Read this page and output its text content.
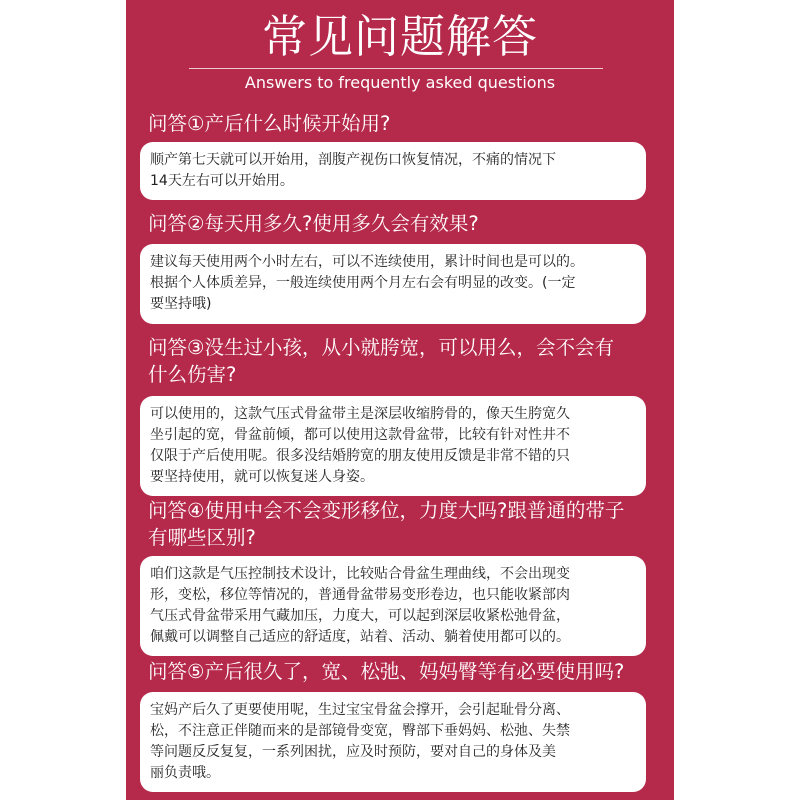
常见问题解答
Answers to frequently asked questions
问答①产后什么时候开始用?
顺产第七天就可以开始用，剖腹产视伤口恢复情况，不痛的情况下
14天左右可以开始用。
问答②每天用多久?使用多久会有效果?
建议每天使用两个小时左右，可以不连续使用，累计时间也是可以的。
根据个人体质差异，一般连续使用两个月左右会有明显的改变。(一定
要坚持哦)
问答③没生过小孩，从小就胯宽，可以用么，会不会有
什么伤害?
可以使用的，这款气压式骨盆带主是深层收缩胯骨的，像天生胯宽久
坐引起的宽，骨盆前倾，都可以使用这款骨盆带，比较有针对性井不
仅限于产后使用呢。很多没结婚胯宽的朋友使用反馈是非常不错的只
要坚持使用，就可以恢复迷人身姿。
问答④使用中会不会变形移位，力度大吗?跟普通的带子
有哪些区别?
咱们这款是气压控制技术设计，比较贴合骨盆生理曲线，不会出现变
形，变松，移位等情况的，普通骨盆带易变形卷边，也只能收紧部肉
气压式骨盆带采用气藏加压，力度大，可以起到深层收紧松弛骨盆，
佩戴可以调整自己适应的舒适度，站着、活动、躺着使用都可以的。
问答⑤产后很久了，宽、松弛、妈妈臀等有必要使用吗?
宝妈产后久了更要使用呢，生过宝宝骨盆会撑开，会引起耻骨分离、
松，不注意正伴随而来的是部镜骨变宽，臀部下垂妈妈、松弛、失禁
等问题反反复复，一系列困扰，应及时预防，要对自己的身体及美
丽负责哦。
